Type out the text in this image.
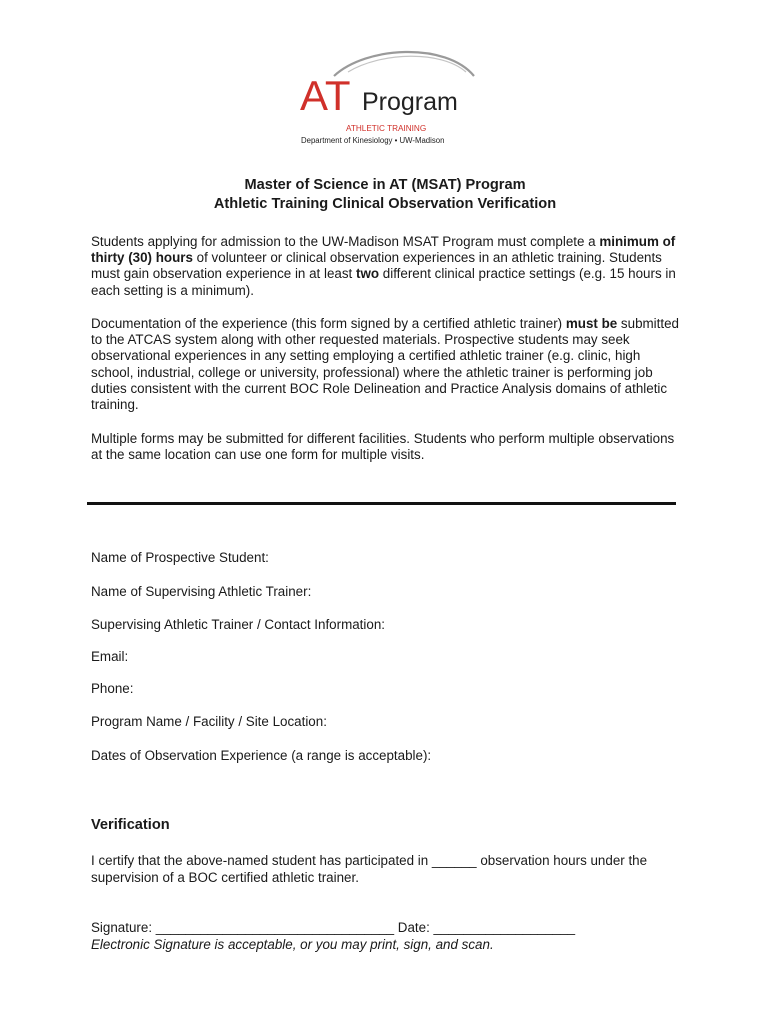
AT Program
ATHLETIC TRAINING
Department of Kinesiology • UW-Madison
Master of Science in AT (MSAT) Program
Athletic Training Clinical Observation Verification

Students applying for admission to the UW-Madison MSAT Program must complete a minimum of thirty (30) hours of volunteer or clinical observation experiences in an athletic training. Students must gain observation experience in at least two different clinical practice settings (e.g. 15 hours in each setting is a minimum).

Documentation of the experience (this form signed by a certified athletic trainer) must be submitted to the ATCAS system along with other requested materials. Prospective students may seek observational experiences in any setting employing a certified athletic trainer (e.g. clinic, high school, industrial, college or university, professional) where the athletic trainer is performing job duties consistent with the current BOC Role Delineation and Practice Analysis domains of athletic training.

Multiple forms may be submitted for different facilities. Students who perform multiple observations at the same location can use one form for multiple visits.

Name of Prospective Student:
Name of Supervising Athletic Trainer:
Supervising Athletic Trainer / Contact Information:
Email:
Phone:
Program Name / Facility / Site Location:
Dates of Observation Experience (a range is acceptable):
Verification
I certify that the above-named student has participated in ______ observation hours under the supervision of a BOC certified athletic trainer.
Signature: ________________________________ Date: ___________________
Electronic Signature is acceptable, or you may print, sign, and scan.
